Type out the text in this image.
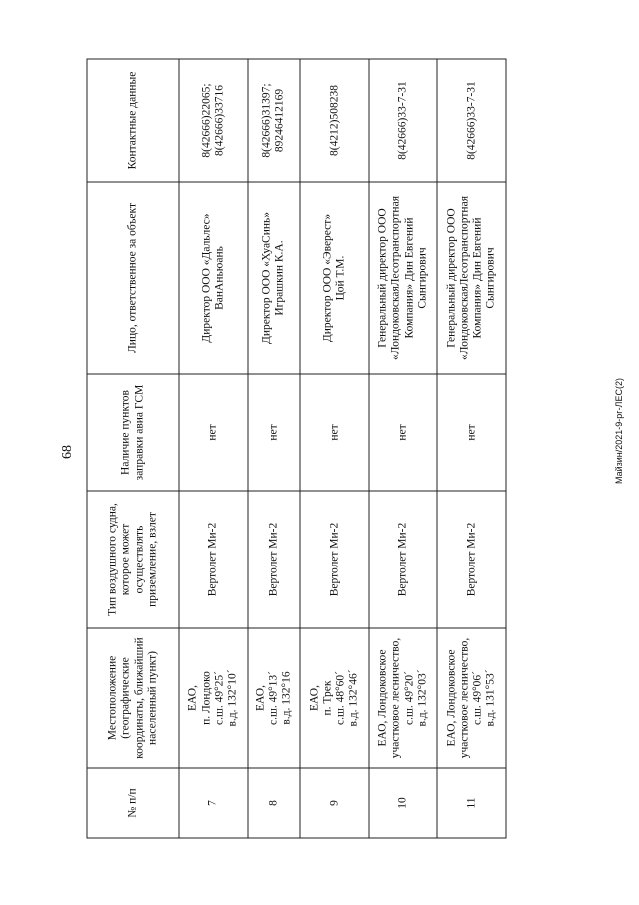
68	Майзин/2021-9-рг-ЛЕС(2)
№ п/п	Местоположение
(географические
координаты, ближайший
населенный пункт)	Тип воздушного судна,
которое может
осуществлять
приземление, взлет	Наличие пунктов
заправки авиа ГСМ	Лицо, ответственное за объект	Контактные данные
7	ЕАО,
п. Лондоко
с.ш. 49°25´
в.д. 132°10´	Вертолет Ми-2	нет	Директор ООО «Дальлес»
ВанАньюань	8(42666)22065;
8(42666)33716
8	ЕАО,
с.ш. 49°13´
в.д. 132°16	Вертолет Ми-2	нет	Директор ООО «ХуаСинь»
Играшкин К.А.	8(42666)31397;
89246412169
9	ЕАО,
п. Трек
с.ш. 48°60´
в.д. 132°46´	Вертолет Ми-2	нет	Директор ООО «Эверест»
Цой Т.М.	8(4212)508238
10	ЕАО, Лондоковское
участковое лесничество,
с.ш. 49°20´
в.д. 132°03´	Вертолет Ми-2	нет	Генеральный директор ООО
«ЛондоковскаяЛесотранспортная
Компания» Дин Евгений
Сынгирович	8(42666)33-7-31
11	ЕАО, Лондоковское
участковое лесничество,
с.ш. 49°06´
в.д. 131°53´	Вертолет Ми-2	нет	Генеральный директор ООО
«ЛондоковскаяЛесотранспортная
Компания» Дин Евгений
Сынгирович	8(42666)33-7-31
